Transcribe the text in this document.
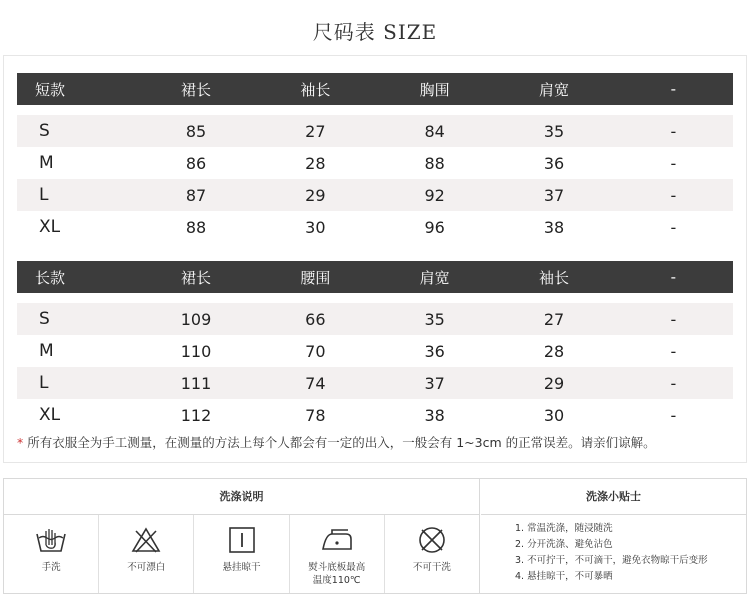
尺码表 SIZE
短款	裙长	袖长	胸围	肩宽	-
S	85	27	84	35	-
M	86	28	88	36	-
L	87	29	92	37	-
XL	88	30	96	38	-
长款	裙长	腰围	肩宽	袖长	-
S	109	66	35	27	-
M	110	70	36	28	-
L	111	74	37	29	-
XL	112	78	38	30	-
* 所有衣服全为手工测量，在测量的方法上每个人都会有一定的出入，一般会有 1~3cm 的正常误差。请亲们谅解。
洗涤说明
手洗	不可漂白	悬挂晾干	熨斗底板最高
温度110℃
不可干洗
洗涤小贴士
1. 常温洗涤，随浸随洗
2. 分开洗涤、避免沾色
3. 不可拧干，不可滴干，避免衣物晾干后变形
4. 悬挂晾干，不可暴晒
